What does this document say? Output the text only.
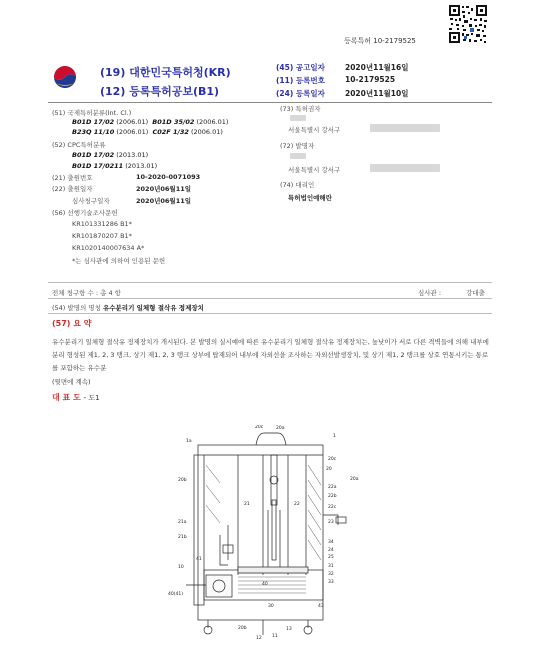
등록특허 10-2179525
(19) 대한민국특허청(KR)
(12) 등록특허공보(B1)
(45) 공고일자	2020년11월16일
(11) 등록번호	10-2179525
(24) 등록일자	2020년11월10일
(51) 국제특허분류(Int. Cl.)
B01D 17/02 (2006.01) B01D 35/02 (2006.01)
B23Q 11/10 (2006.01) C02F 1/32 (2006.01)
(52) CPC특허분류
B01D 17/02 (2013.01)
B01D 17/0211 (2013.01)
(21) 출원번호	10-2020-0071093
(22) 출원일자	2020년06월11일
심사청구일자	2020년06월11일
(56) 선행기술조사문헌
KR101331286 B1*
KR101870207 B1*
KR1020140007634 A*
*는 심사관에 의하여 인용된 문헌
(73) 특허권자
서울특별시 강서구
(72) 발명자
서울특별시 강서구
(74) 대리인
특허법인예해란
전체 청구항 수 : 총 4 항	심사관 :	강대출
(54) 발명의 명칭 유수분리기 일체형 절삭유 정제장치
(57) 요 약
유수분리기 일체형 절삭유 정제장치가 개시된다. 본 발명의 실시예에 따른 유수분리기 일체형 절삭유 정제장치는, 높낮이가 서로 다른 격벽들에 의해 내부에 분리 형성된 제1, 2, 3 탱크, 상기 제1, 2, 3 탱크 상부에 탑재되어 내부에 자외선을 조사하는 자외선발생장치, 및 상기 제1, 2 탱크를 상호 연통시키는 통로를 포함하는 유수분
(뒷면에 계속)
대 표 도 - 도1
1
1a
20c	20a
20c
20
20a
20b
21
21a
21b
22
22a
22b
22c
23
24
25
31
32
33
34
40
41
43
10
11
12
13
20b
30
40(41)
